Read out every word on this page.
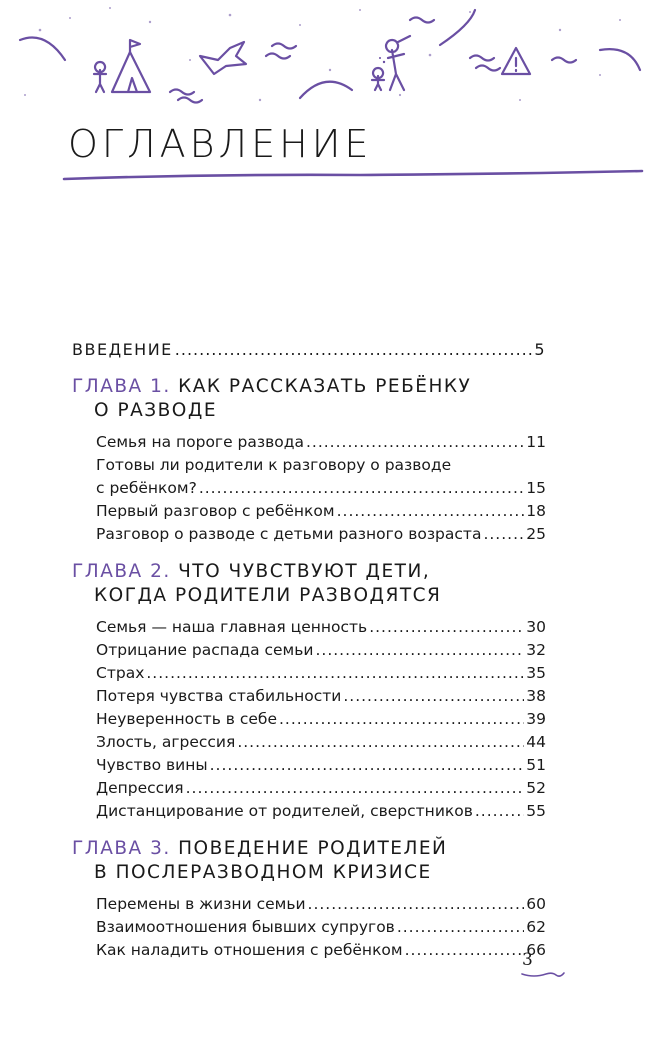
ОГЛАВЛЕНИЕ
ВВЕДЕНИЕ .....	5
ГЛАВА 1. КАК РАССКАЗАТЬ РЕБЁНКУ
О РАЗВОДЕ
Семья на пороге развода .....	11
Готовы ли родители к разговору о разводе
с ребёнком? .....	15
Первый разговор с ребёнком .....	18
Разговор о разводе с детьми разного возраста .....	25
ГЛАВА 2. ЧТО ЧУВСТВУЮТ ДЕТИ,
КОГДА РОДИТЕЛИ РАЗВОДЯТСЯ
Семья — наша главная ценность .....	30
Отрицание распада семьи .....	32
Страх .....	35
Потеря чувства стабильности .....	38
Неуверенность в себе .....	39
Злость, агрессия .....	44
Чувство вины .....	51
Депрессия .....	52
Дистанцирование от родителей, сверстников .....	55
ГЛАВА 3. ПОВЕДЕНИЕ РОДИТЕЛЕЙ
В ПОСЛЕРАЗВОДНОМ КРИЗИСЕ
Перемены в жизни семьи .....	60
Взаимоотношения бывших супругов .....	62
Как наладить отношения с ребёнком .....	66
3
